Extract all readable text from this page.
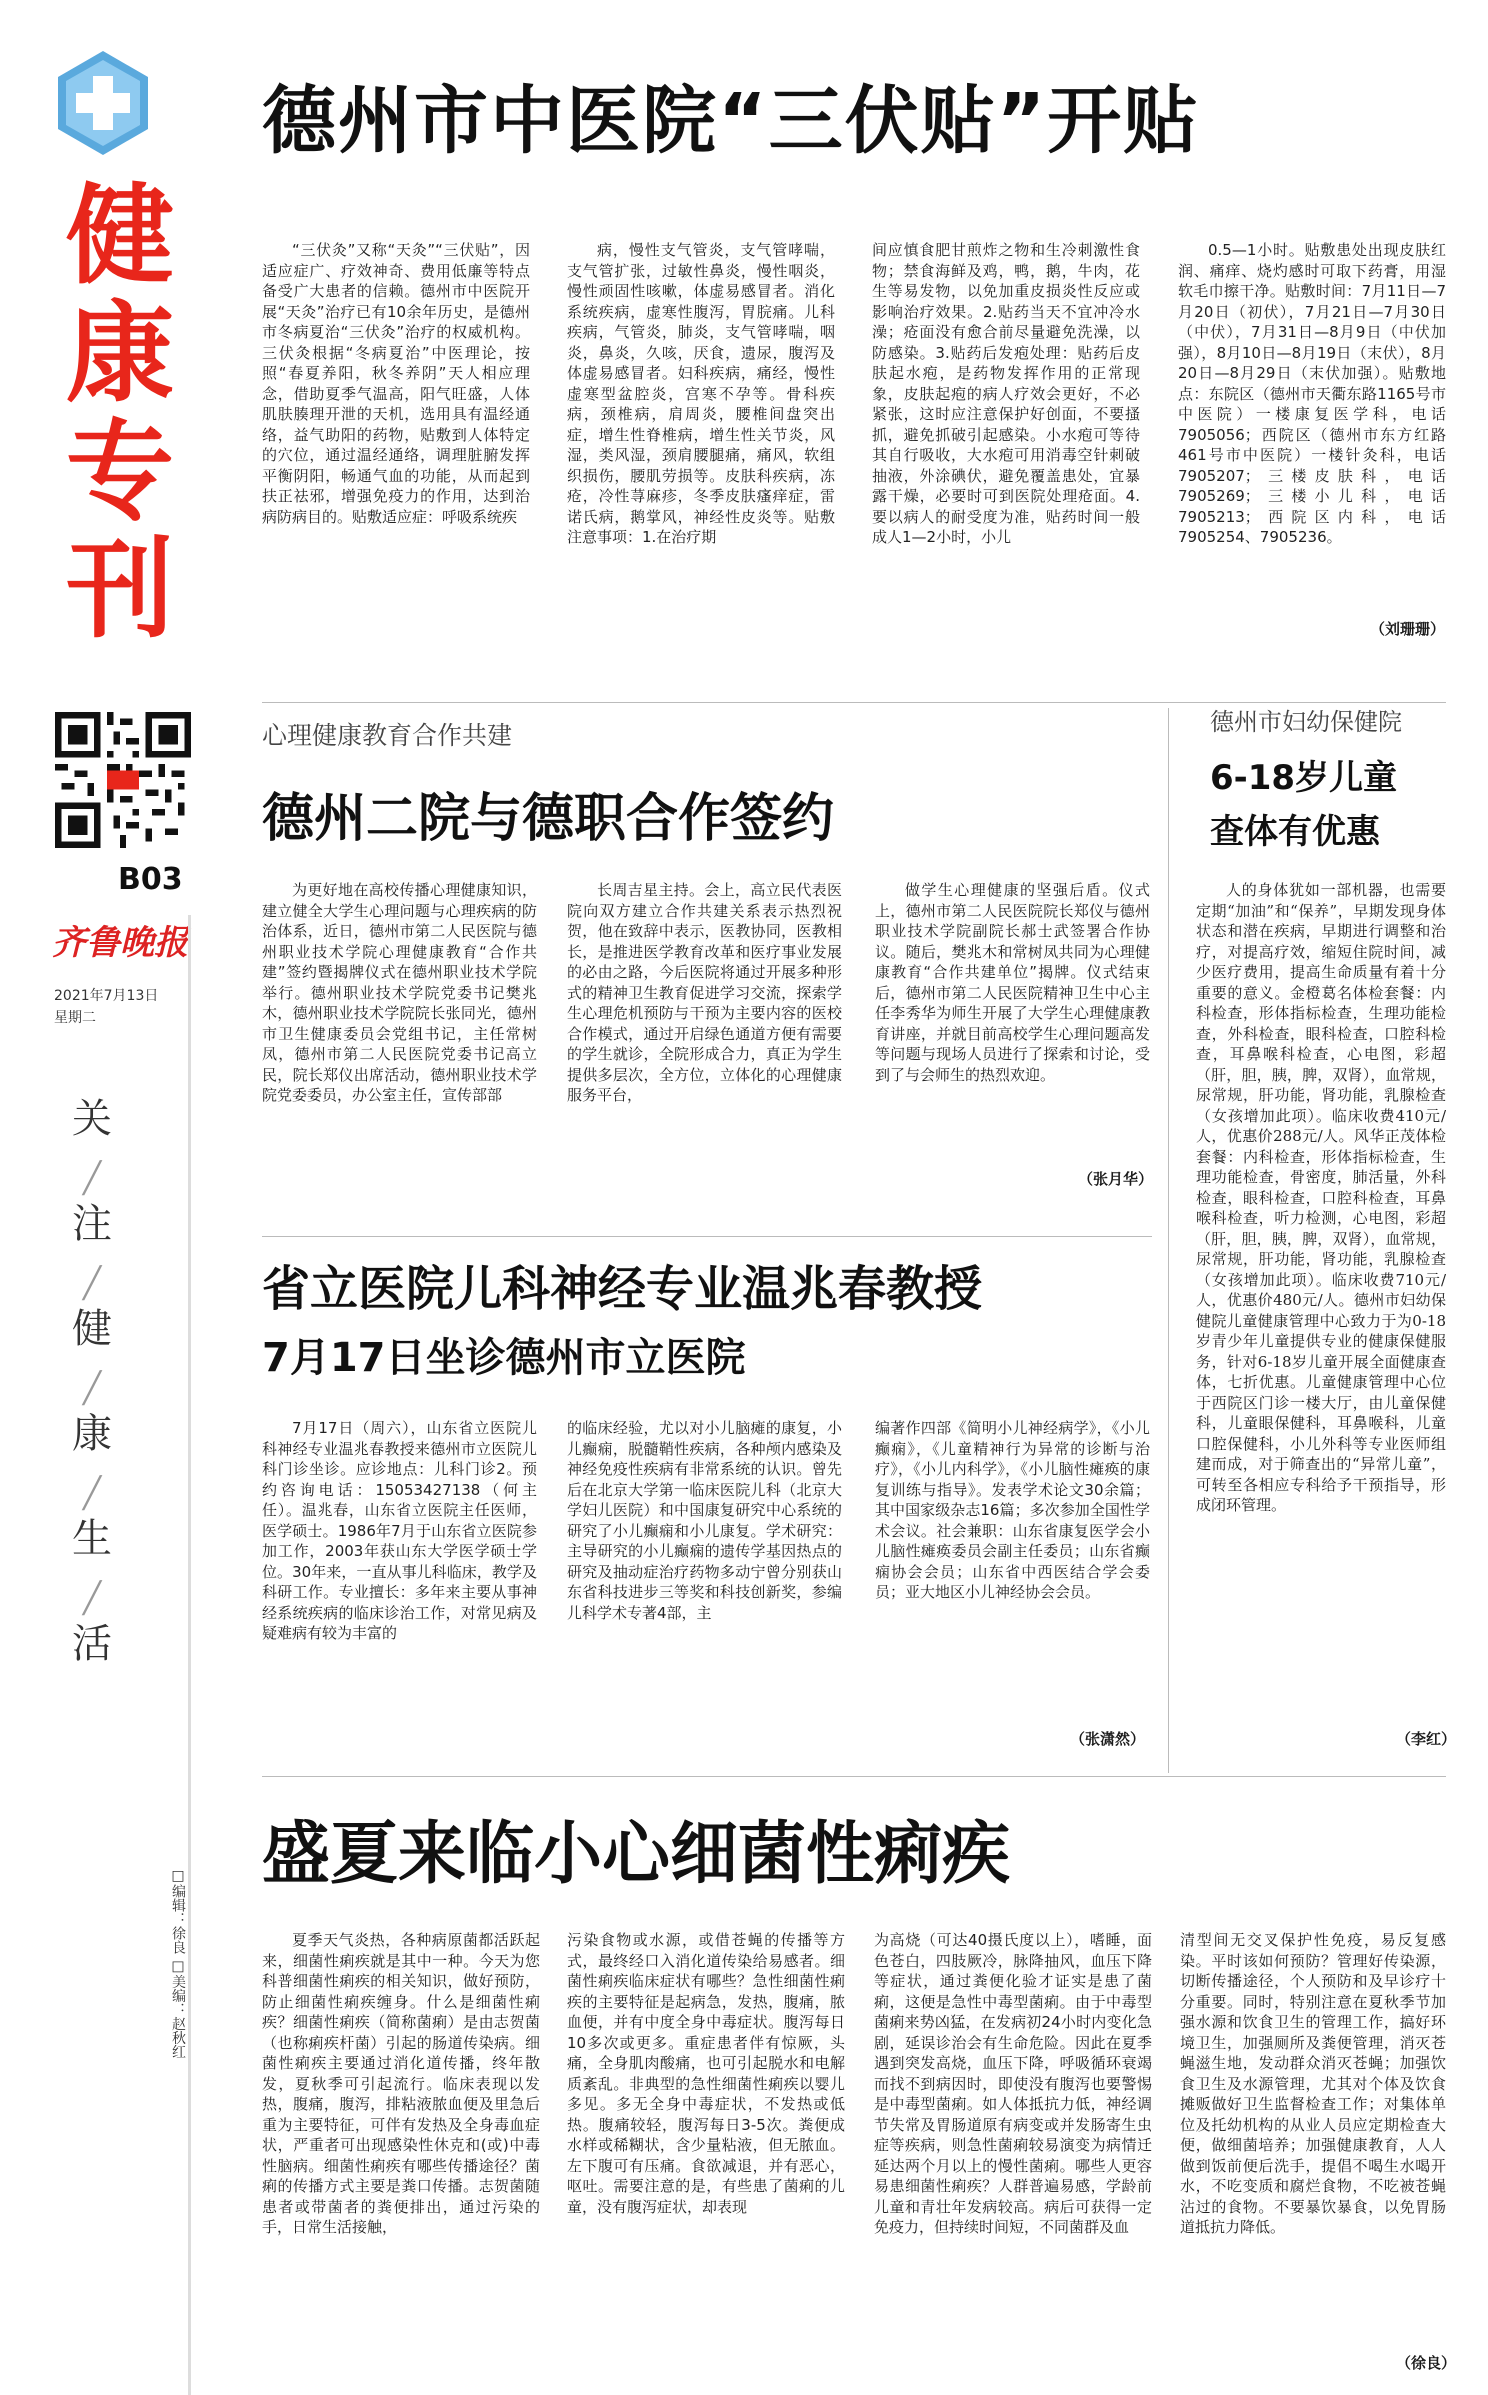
健
康
专
刊
B03
齐鲁晚报
2021年7月13日
星期二
关
╱
注
╱
健
╱
康
╱
生
╱
活
□编辑：徐良 □美编：赵秋红
德州市中医院“三伏贴”开贴
“三伏灸”又称“天灸”“三伏贴”，因适应症广、疗效神奇、费用低廉等特点备受广大患者的信赖。德州市中医院开展“天灸”治疗已有10余年历史，是德州市冬病夏治“三伏灸”治疗的权威机构。三伏灸根据“冬病夏治”中医理论，按照“春夏养阳，秋冬养阴”天人相应理念，借助夏季气温高，阳气旺盛，人体肌肤腠理开泄的天机，选用具有温经通络，益气助阳的药物，贴敷到人体特定的穴位，通过温经通络，调理脏腑发挥平衡阴阳，畅通气血的功能，从而起到扶正祛邪，增强免疫力的作用，达到治病防病目的。贴敷适应症：呼吸系统疾
病，慢性支气管炎，支气管哮喘，支气管扩张，过敏性鼻炎，慢性咽炎，慢性顽固性咳嗽，体虚易感冒者。消化系统疾病，虚寒性腹泻，胃脘痛。儿科疾病，气管炎，肺炎，支气管哮喘，咽炎，鼻炎，久咳，厌食，遗尿，腹泻及体虚易感冒者。妇科疾病，痛经，慢性虚寒型盆腔炎，宫寒不孕等。骨科疾病，颈椎病，肩周炎，腰椎间盘突出症，增生性脊椎病，增生性关节炎，风湿，类风湿，颈肩腰腿痛，痛风，软组织损伤，腰肌劳损等。皮肤科疾病，冻疮，冷性荨麻疹，冬季皮肤瘙痒症，雷诺氏病，鹅掌风，神经性皮炎等。贴敷注意事项：1.在治疗期
间应慎食肥甘煎炸之物和生冷刺激性食物；禁食海鲜及鸡，鸭，鹅，牛肉，花生等易发物，以免加重皮损炎性反应或影响治疗效果。2.贴药当天不宜冲冷水澡；疮面没有愈合前尽量避免洗澡，以防感染。3.贴药后发疱处理：贴药后皮肤起水疱，是药物发挥作用的正常现象，皮肤起疱的病人疗效会更好，不必紧张，这时应注意保护好创面，不要搔抓，避免抓破引起感染。小水疱可等待其自行吸收，大水疱可用消毒空针刺破抽液，外涂碘伏，避免覆盖患处，宜暴露干燥，必要时可到医院处理疮面。4.要以病人的耐受度为准，贴药时间一般成人1—2小时，小儿
0.5—1小时。贴敷患处出现皮肤红润、痛痒、烧灼感时可取下药膏，用湿软毛巾擦干净。贴敷时间：7月11日—7月20日（初伏），7月21日—7月30日（中伏），7月31日—8月9日（中伏加强），8月10日—8月19日（末伏），8月20日—8月29日（末伏加强）。贴敷地点：东院区（德州市天衢东路1165号市中医院）一楼康复医学科，电话7905056；西院区（德州市东方红路461号市中医院）一楼针灸科，电话7905207；三楼皮肤科，电话7905269；三楼小儿科，电话7905213；西院区内科，电话7905254、7905236。
（刘珊珊）
心理健康教育合作共建
德州二院与德职合作签约
为更好地在高校传播心理健康知识，建立健全大学生心理问题与心理疾病的防治体系，近日，德州市第二人民医院与德州职业技术学院心理健康教育“合作共建”签约暨揭牌仪式在德州职业技术学院举行。德州职业技术学院党委书记樊兆木，德州职业技术学院院长张同光，德州市卫生健康委员会党组书记，主任常树凤，德州市第二人民医院党委书记高立民，院长郑仪出席活动，德州职业技术学院党委委员，办公室主任，宣传部部
长周吉星主持。会上，高立民代表医院向双方建立合作共建关系表示热烈祝贺，他在致辞中表示，医教协同，医教相长，是推进医学教育改革和医疗事业发展的必由之路，今后医院将通过开展多种形式的精神卫生教育促进学习交流，探索学生心理危机预防与干预为主要内容的医校合作模式，通过开启绿色通道方便有需要的学生就诊，全院形成合力，真正为学生提供多层次，全方位，立体化的心理健康服务平台，
做学生心理健康的坚强后盾。仪式上，德州市第二人民医院院长郑仪与德州职业技术学院副院长郝士武签署合作协议。随后，樊兆木和常树凤共同为心理健康教育“合作共建单位”揭牌。仪式结束后，德州市第二人民医院精神卫生中心主任李秀华为师生开展了大学生心理健康教育讲座，并就目前高校学生心理问题高发等问题与现场人员进行了探索和讨论，受到了与会师生的热烈欢迎。
（张月华）
德州市妇幼保健院
6-18岁儿童
查体有优惠
人的身体犹如一部机器，也需要定期“加油”和“保养”，早期发现身体状态和潜在疾病，早期进行调整和治疗，对提高疗效，缩短住院时间，减少医疗费用，提高生命质量有着十分重要的意义。金橙葛名体检套餐：内科检查，形体指标检查，生理功能检查，外科检查，眼科检查，口腔科检查，耳鼻喉科检查，心电图，彩超（肝，胆，胰，脾，双肾），血常规，尿常规，肝功能，肾功能，乳腺检查（女孩增加此项）。临床收费410元/人，优惠价288元/人。风华正茂体检套餐：内科检查，形体指标检查，生理功能检查，骨密度，肺活量，外科检查，眼科检查，口腔科检查，耳鼻喉科检查，听力检测，心电图，彩超（肝，胆，胰，脾，双肾），血常规，尿常规，肝功能，肾功能，乳腺检查（女孩增加此项）。临床收费710元/人，优惠价480元/人。德州市妇幼保健院儿童健康管理中心致力于为0-18岁青少年儿童提供专业的健康保健服务，针对6-18岁儿童开展全面健康查体，七折优惠。儿童健康管理中心位于西院区门诊一楼大厅，由儿童保健科，儿童眼保健科，耳鼻喉科，儿童口腔保健科，小儿外科等专业医师组建而成，对于筛查出的“异常儿童”，可转至各相应专科给予干预指导，形成闭环管理。
（李红）
省立医院儿科神经专业温兆春教授
7月17日坐诊德州市立医院
7月17日（周六），山东省立医院儿科神经专业温兆春教授来德州市立医院儿科门诊坐诊。应诊地点：儿科门诊2。预约咨询电话：15053427138（何主任）。温兆春，山东省立医院主任医师，医学硕士。1986年7月于山东省立医院参加工作，2003年获山东大学医学硕士学位。30年来，一直从事儿科临床，教学及科研工作。专业擅长：多年来主要从事神经系统疾病的临床诊治工作，对常见病及疑难病有较为丰富的
的临床经验，尤以对小儿脑瘫的康复，小儿癫痫，脱髓鞘性疾病，各种颅内感染及神经免疫性疾病有非常系统的认识。曾先后在北京大学第一临床医院儿科（北京大学妇儿医院）和中国康复研究中心系统的研究了小儿癫痫和小儿康复。学术研究：主导研究的小儿癫痫的遗传学基因热点的研究及抽动症治疗药物多动宁曾分别获山东省科技进步三等奖和科技创新奖，参编儿科学术专著4部，主
编著作四部《简明小儿神经病学》，《小儿癫痫》，《儿童精神行为异常的诊断与治疗》，《小儿内科学》，《小儿脑性瘫痪的康复训练与指导》。发表学术论文30余篇；其中国家级杂志16篇；多次参加全国性学术会议。社会兼职：山东省康复医学会小儿脑性瘫痪委员会副主任委员；山东省癫痫协会会员；山东省中西医结合学会委员；亚大地区小儿神经协会会员。
（张潇然）
盛夏来临小心细菌性痢疾
夏季天气炎热，各种病原菌都活跃起来，细菌性痢疾就是其中一种。今天为您科普细菌性痢疾的相关知识，做好预防，防止细菌性痢疾缠身。什么是细菌性痢疾？细菌性痢疾（简称菌痢）是由志贺菌（也称痢疾杆菌）引起的肠道传染病。细菌性痢疾主要通过消化道传播，终年散发，夏秋季可引起流行。临床表现以发热，腹痛，腹泻，排粘液脓血便及里急后重为主要特征，可伴有发热及全身毒血症状，严重者可出现感染性休克和(或)中毒性脑病。细菌性痢疾有哪些传播途径？菌痢的传播方式主要是粪口传播。志贺菌随患者或带菌者的粪便排出，通过污染的手，日常生活接触，
污染食物或水源，或借苍蝇的传播等方式，最终经口入消化道传染给易感者。细菌性痢疾临床症状有哪些？急性细菌性痢疾的主要特征是起病急，发热，腹痛，脓血便，并有中度全身中毒症状。腹泻每日10多次或更多。重症患者伴有惊厥，头痛，全身肌肉酸痛，也可引起脱水和电解质紊乱。非典型的急性细菌性痢疾以婴儿多见。多无全身中毒症状，不发热或低热。腹痛较轻，腹泻每日3-5次。粪便成水样或稀糊状，含少量粘液，但无脓血。左下腹可有压痛。食欲减退，并有恶心，呕吐。需要注意的是，有些患了菌痢的儿童，没有腹泻症状，却表现
为高烧（可达40摄氏度以上），嗜睡，面色苍白，四肢厥冷，脉降抽风，血压下降等症状，通过粪便化验才证实是患了菌痢，这便是急性中毒型菌痢。由于中毒型菌痢来势凶猛，在发病初24小时内变化急剧，延误诊治会有生命危险。因此在夏季遇到突发高烧，血压下降，呼吸循环衰竭而找不到病因时，即使没有腹泻也要警惕是中毒型菌痢。如人体抵抗力低，神经调节失常及胃肠道原有病变或并发肠寄生虫症等疾病，则急性菌痢较易演变为病情迁延达两个月以上的慢性菌痢。哪些人更容易患细菌性痢疾？人群普遍易感，学龄前儿童和青壮年发病较高。病后可获得一定免疫力，但持续时间短，不同菌群及血
清型间无交叉保护性免疫，易反复感染。平时该如何预防？管理好传染源，切断传播途径，个人预防和及早诊疗十分重要。同时，特别注意在夏秋季节加强水源和饮食卫生的管理工作，搞好环境卫生，加强厕所及粪便管理，消灭苍蝇滋生地，发动群众消灭苍蝇；加强饮食卫生及水源管理，尤其对个体及饮食摊贩做好卫生监督检查工作；对集体单位及托幼机构的从业人员应定期检查大便，做细菌培养；加强健康教育，人人做到饭前便后洗手，提倡不喝生水喝开水，不吃变质和腐烂食物，不吃被苍蝇沾过的食物。不要暴饮暴食，以免胃肠道抵抗力降低。
（徐良）
